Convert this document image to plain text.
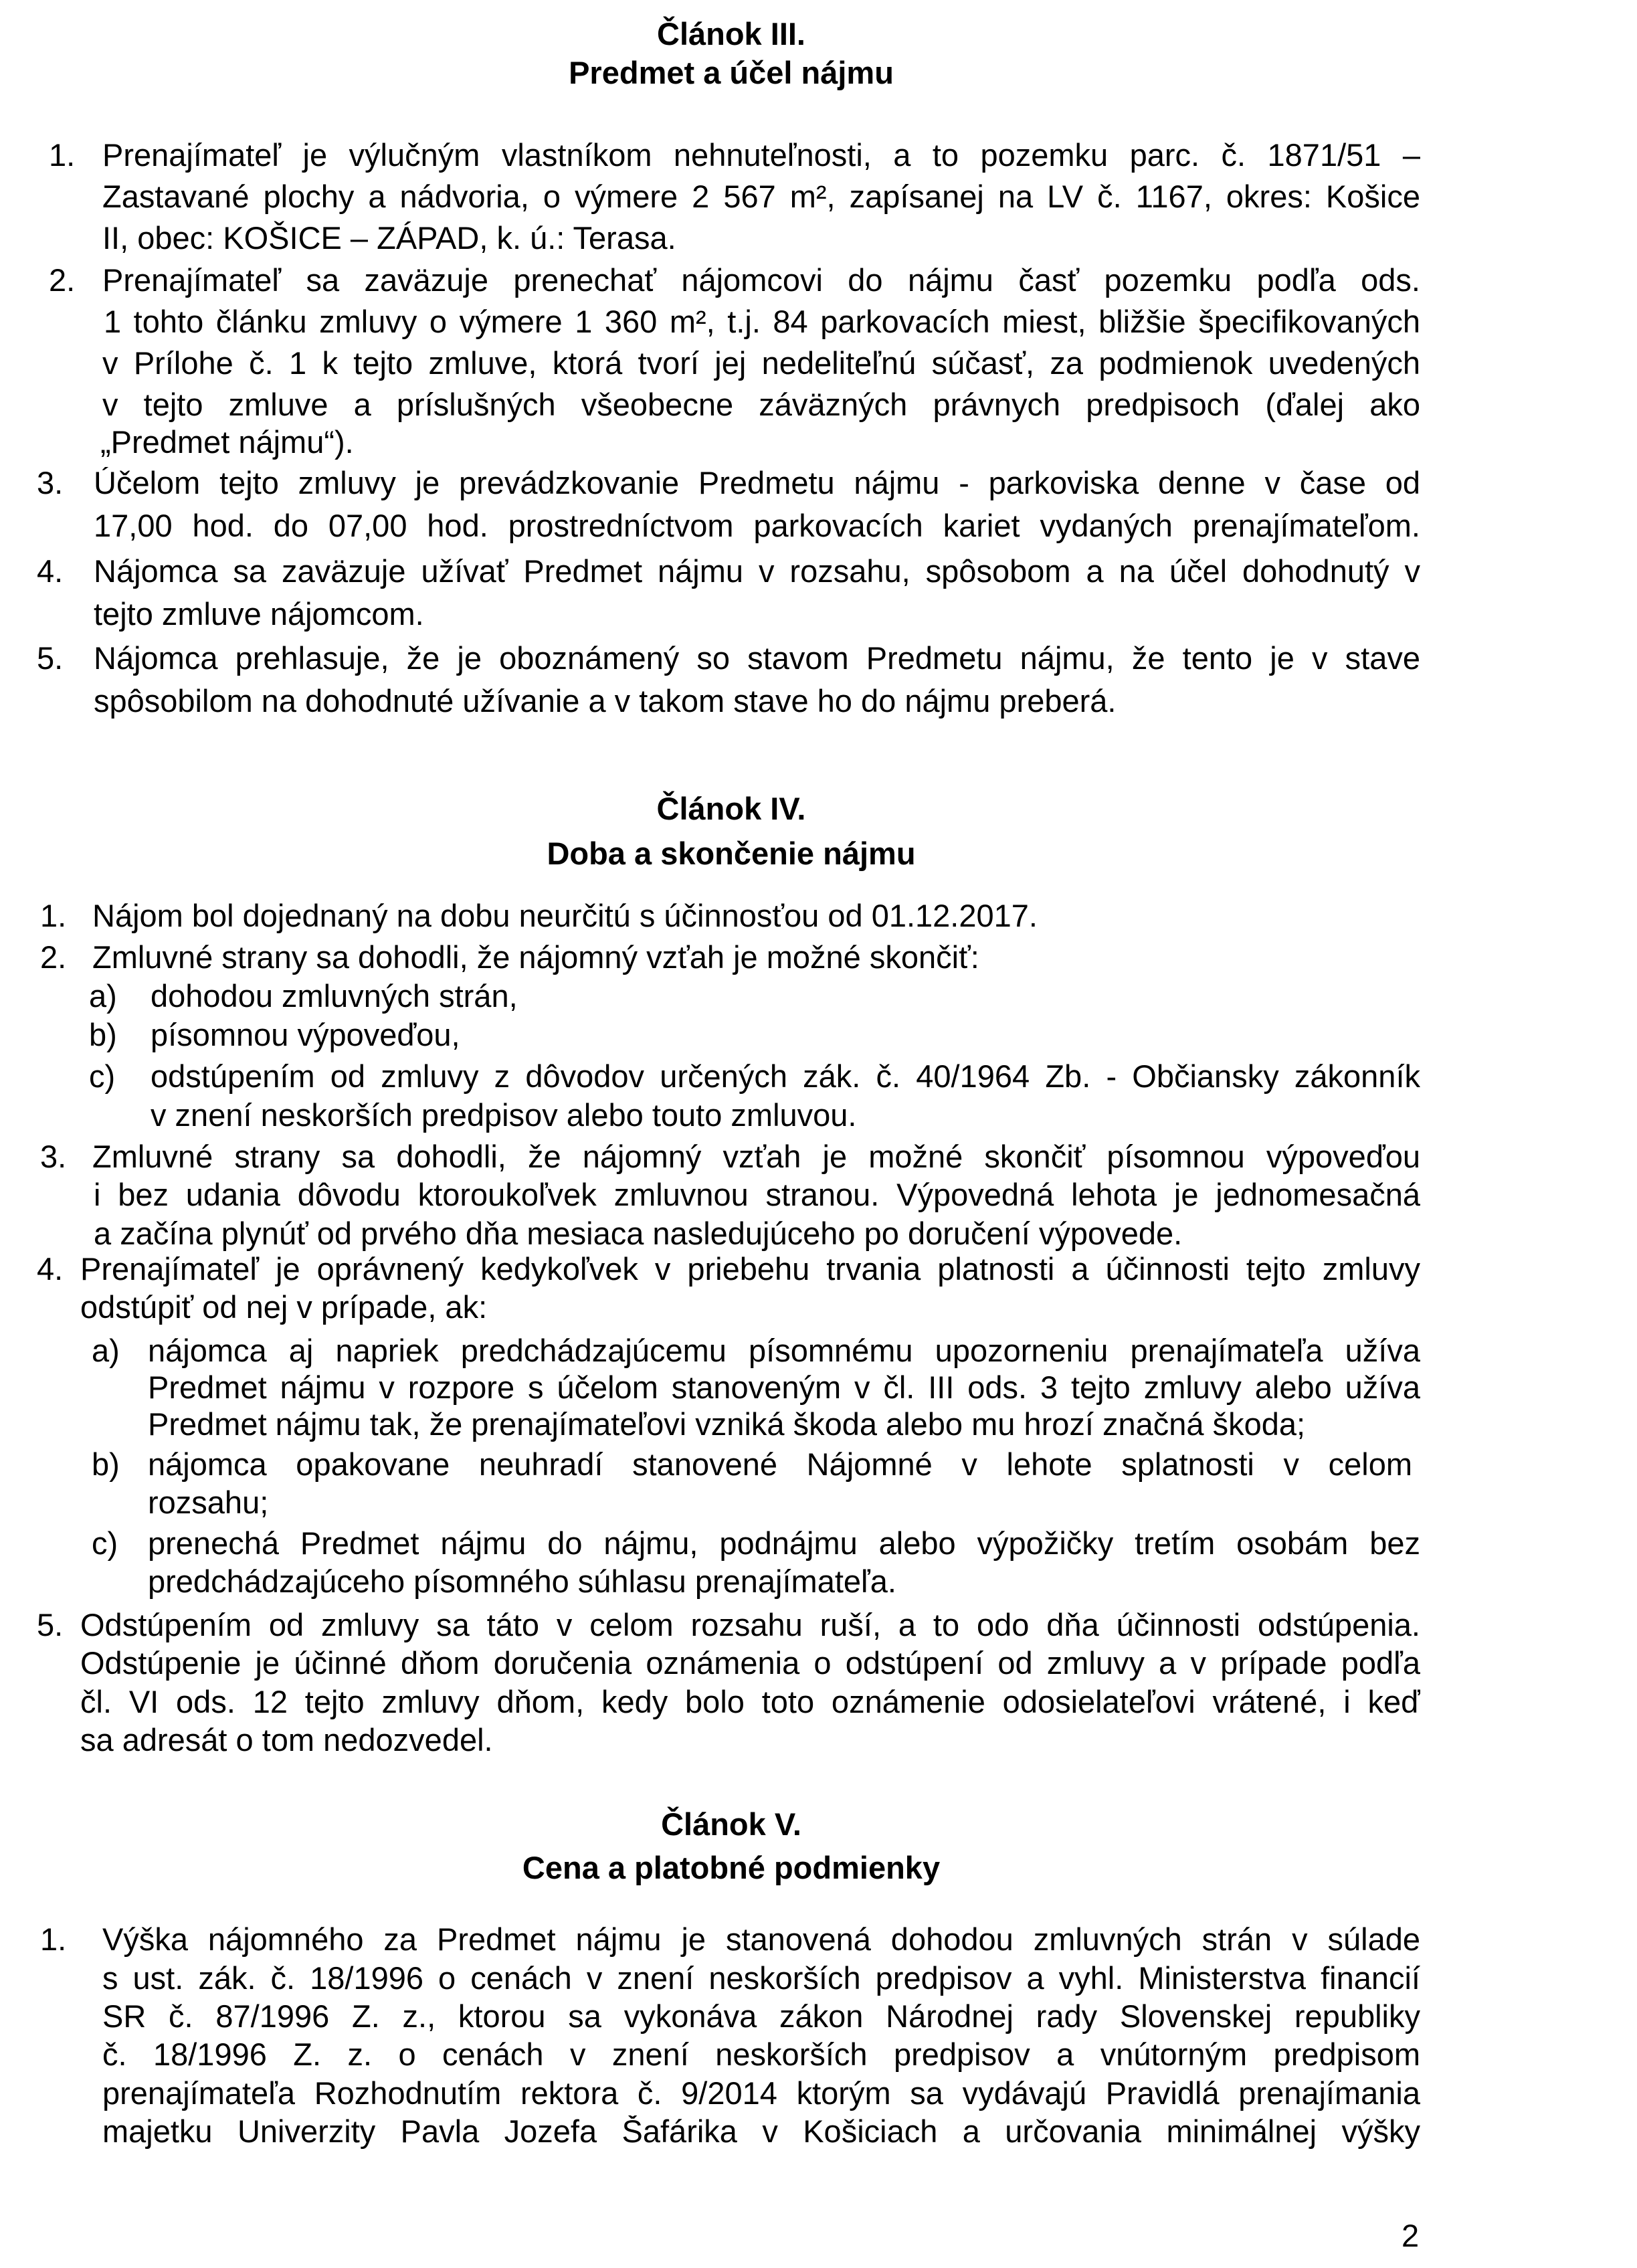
Článok III.
Predmet a účel nájmu
1. Prenajímateľ je výlučným vlastníkom nehnuteľnosti, a to pozemku parc. č. 1871/51 –
Zastavané plochy a nádvoria, o výmere 2 567 m², zapísanej na LV č. 1167, okres: Košice
II, obec: KOŠICE – ZÁPAD, k. ú.: Terasa.
2. Prenajímateľ sa zaväzuje prenechať nájomcovi do nájmu časť pozemku podľa ods.
1 tohto článku zmluvy o výmere 1 360 m², t.j. 84 parkovacích miest, bližšie špecifikovaných
v Prílohe č. 1 k tejto zmluve, ktorá tvorí jej nedeliteľnú súčasť, za podmienok uvedených
v tejto zmluve a príslušných všeobecne záväzných právnych predpisoch (ďalej ako
„Predmet nájmu“).
3. Účelom tejto zmluvy je prevádzkovanie Predmetu nájmu - parkoviska denne v čase od
17,00 hod. do 07,00 hod. prostredníctvom parkovacích kariet vydaných prenajímateľom.
4. Nájomca sa zaväzuje užívať Predmet nájmu v rozsahu, spôsobom a na účel dohodnutý v
tejto zmluve nájomcom.
5. Nájomca prehlasuje, že je oboznámený so stavom Predmetu nájmu, že tento je v stave
spôsobilom na dohodnuté užívanie a v takom stave ho do nájmu preberá.
Článok IV.
Doba a skončenie nájmu
1. Nájom bol dojednaný na dobu neurčitú s účinnosťou od 01.12.2017.
2. Zmluvné strany sa dohodli, že nájomný vzťah je možné skončiť:
a) dohodou zmluvných strán,
b) písomnou výpoveďou,
c) odstúpením od zmluvy z dôvodov určených zák. č. 40/1964 Zb. - Občiansky zákonník
v znení neskorších predpisov alebo touto zmluvou.
3. Zmluvné strany sa dohodli, že nájomný vzťah je možné skončiť písomnou výpoveďou
i bez udania dôvodu ktoroukoľvek zmluvnou stranou. Výpovedná lehota je jednomesačná
a začína plynúť od prvého dňa mesiaca nasledujúceho po doručení výpovede.
4. Prenajímateľ je oprávnený kedykoľvek v priebehu trvania platnosti a účinnosti tejto zmluvy
odstúpiť od nej v prípade, ak:
a) nájomca aj napriek predchádzajúcemu písomnému upozorneniu prenajímateľa užíva
Predmet nájmu v rozpore s účelom stanoveným v čl. III ods. 3 tejto zmluvy alebo užíva
Predmet nájmu tak, že prenajímateľovi vzniká škoda alebo mu hrozí značná škoda;
b) nájomca opakovane neuhradí stanovené Nájomné v lehote splatnosti v celom
rozsahu;
c) prenechá Predmet nájmu do nájmu, podnájmu alebo výpožičky tretím osobám bez
predchádzajúceho písomného súhlasu prenajímateľa.
5. Odstúpením od zmluvy sa táto v celom rozsahu ruší, a to odo dňa účinnosti odstúpenia.
Odstúpenie je účinné dňom doručenia oznámenia o odstúpení od zmluvy a v prípade podľa
čl. VI ods. 12 tejto zmluvy dňom, kedy bolo toto oznámenie odosielateľovi vrátené, i keď
sa adresát o tom nedozvedel.
Článok V.
Cena a platobné podmienky
1. Výška nájomného za Predmet nájmu je stanovená dohodou zmluvných strán v súlade
s ust. zák. č. 18/1996 o cenách v znení neskorších predpisov a vyhl. Ministerstva financií
SR č. 87/1996 Z. z., ktorou sa vykonáva zákon Národnej rady Slovenskej republiky
č. 18/1996 Z. z. o cenách v znení neskorších predpisov a vnútorným predpisom
prenajímateľa Rozhodnutím rektora č. 9/2014 ktorým sa vydávajú Pravidlá prenajímania
majetku Univerzity Pavla Jozefa Šafárika v Košiciach a určovania minimálnej výšky
2
